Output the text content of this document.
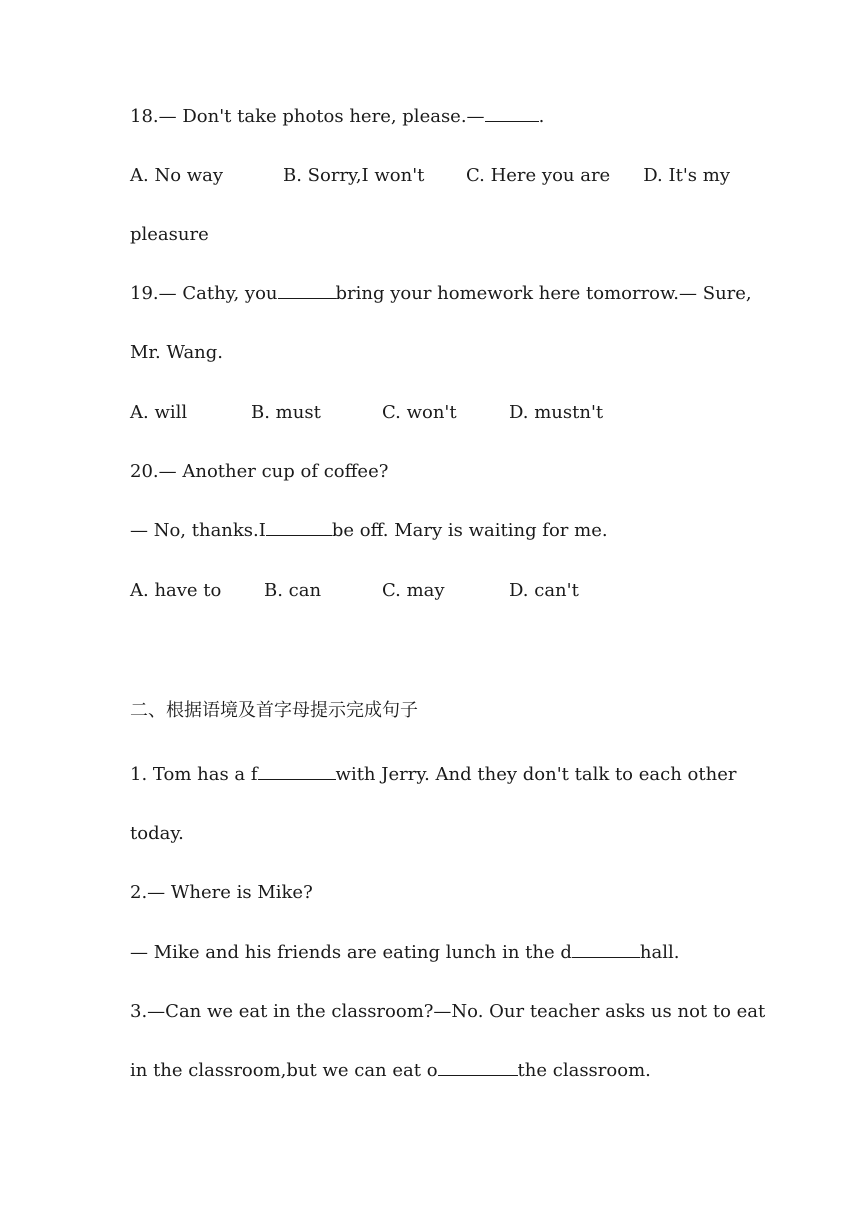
18.— Don't take photos here, please.—	.
A. No way	B. Sorry,I won't C. Here you are D. It's my
pleasure
19.— Cathy, you	bring your homework here tomorrow.— Sure,
Mr. Wang.
A. will	B. must	C. won't	D. mustn't
20.— Another cup of coffee?
— No, thanks.I	be off. Mary is waiting for me.
A. have to B. can	C. may	D. can't
二、根据语境及首字母提示完成句子
1. Tom has a f	with Jerry. And they don't talk to each other
today.
2.— Where is Mike?
— Mike and his friends are eating lunch in the d	hall.
3.—Can we eat in the classroom?—No. Our teacher asks us not to eat
in the classroom,but we can eat o	the classroom.
